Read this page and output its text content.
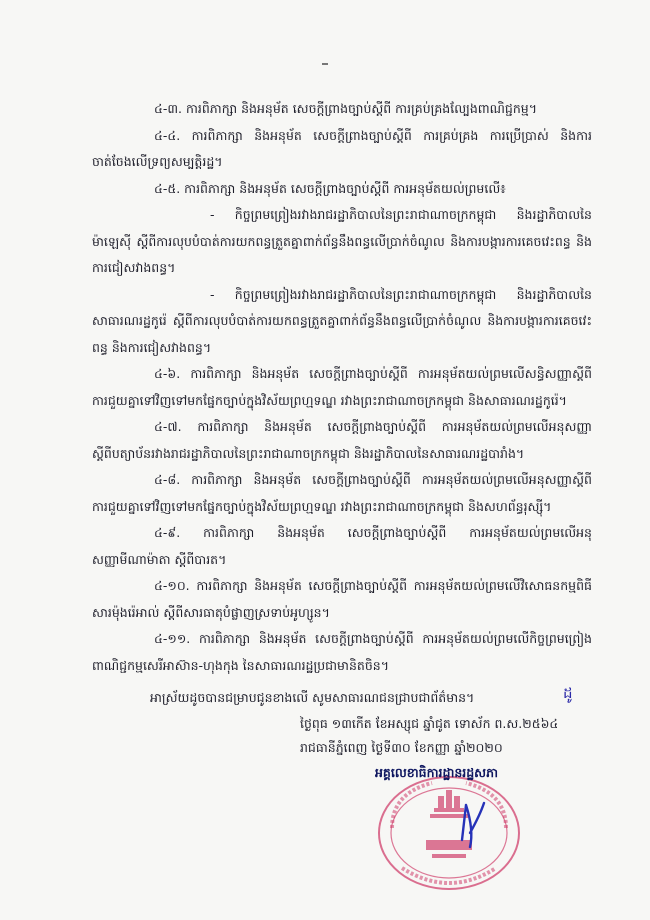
៤-៣. ការពិភាក្សា និងអនុម័ត សេចក្តីព្រាងច្បាប់ស្តីពី ការគ្រប់គ្រងល្បែងពាណិជ្ជកម្ម។

៤-៤. ការពិភាក្សា និងអនុម័ត សេចក្តីព្រាងច្បាប់ស្តីពី ការគ្រប់គ្រង ការប្រើប្រាស់ និងការចាត់ចែងលើទ្រព្យសម្បត្តិរដ្ឋ។

៤-៥. ការពិភាក្សា និងអនុម័ត សេចក្តីព្រាងច្បាប់ស្តីពី ការអនុម័តយល់ព្រមលើ៖

- កិច្ចព្រមព្រៀងរវាងរាជរដ្ឋាភិបាលនៃព្រះរាជាណាចក្រកម្ពុជា និងរដ្ឋាភិបាលនៃម៉ាឡេស៊ី ស្តីពីការលុបបំបាត់ការយកពន្ធត្រួតគ្នាពាក់ព័ន្ធនឹងពន្ធលើប្រាក់ចំណូល និងការបង្ការការគេចវេះពន្ធ និងការជៀសវាងពន្ធ។

- កិច្ចព្រមព្រៀងរវាងរាជរដ្ឋាភិបាលនៃព្រះរាជាណាចក្រកម្ពុជា និងរដ្ឋាភិបាលនៃសាធារណរដ្ឋកូរ៉េ ស្តីពីការលុបបំបាត់ការយកពន្ធត្រួតគ្នាពាក់ព័ន្ធនឹងពន្ធលើប្រាក់ចំណូល និងការបង្ការការគេចវេះពន្ធ និងការជៀសវាងពន្ធ។

៤-៦. ការពិភាក្សា និងអនុម័ត សេចក្តីព្រាងច្បាប់ស្តីពី ការអនុម័តយល់ព្រមលើសន្ធិសញ្ញាស្តីពីការជួយគ្នាទៅវិញទៅមកផ្នែកច្បាប់ក្នុងវិស័យព្រហ្មទណ្ឌ រវាងព្រះរាជាណាចក្រកម្ពុជា និងសាធារណរដ្ឋកូរ៉េ។

៤-៧. ការពិភាក្សា និងអនុម័ត សេចក្តីព្រាងច្បាប់ស្តីពី ការអនុម័តយល់ព្រមលើអនុសញ្ញាស្តីពីបត្យាប័នរវាងរាជរដ្ឋាភិបាលនៃព្រះរាជាណាចក្រកម្ពុជា និងរដ្ឋាភិបាលនៃសាធារណរដ្ឋបារាំង។

៤-៨. ការពិភាក្សា និងអនុម័ត សេចក្តីព្រាងច្បាប់ស្តីពី ការអនុម័តយល់ព្រមលើអនុសញ្ញាស្តីពីការជួយគ្នាទៅវិញទៅមកផ្នែកច្បាប់ក្នុងវិស័យព្រហ្មទណ្ឌ រវាងព្រះរាជាណាចក្រកម្ពុជា និងសហព័ន្ធរុស្ស៊ី។

៤-៩. ការពិភាក្សា និងអនុម័ត សេចក្តីព្រាងច្បាប់ស្តីពី ការអនុម័តយល់ព្រមលើអនុសញ្ញាមីណាម៉ាតា ស្តីពីបារត។

៤-១០. ការពិភាក្សា និងអនុម័ត សេចក្តីព្រាងច្បាប់ស្តីពី ការអនុម័តយល់ព្រមលើវិសោធនកម្មពិធីសារម៉ុងរ៉េអាល់ ស្តីពីសារធាតុបំផ្លាញស្រទាប់អូហ្សូន។

៤-១១. ការពិភាក្សា និងអនុម័ត សេចក្តីព្រាងច្បាប់ស្តីពី ការអនុម័តយល់ព្រមលើកិច្ចព្រមព្រៀងពាណិជ្ជកម្មសេរីអាស៊ាន-ហុងកុង នៃសាធារណរដ្ឋប្រជាមានិតចិន។

អាស្រ័យដូចបានជម្រាបជូនខាងលើ សូមសាធារណជនជ្រាបជាព័ត៌មាន។	ដូ
ថ្ងៃពុធ ១៣កើត ខែអស្សុជ ឆ្នាំជូត ទោស័ក ព.ស.២៥៦៤
រាជធានីភ្នំពេញ ថ្ងៃទី៣០ ខែកញ្ញា ឆ្នាំ២០២០
អគ្គលេខាធិការដ្ឋានរដ្ឋសភា
